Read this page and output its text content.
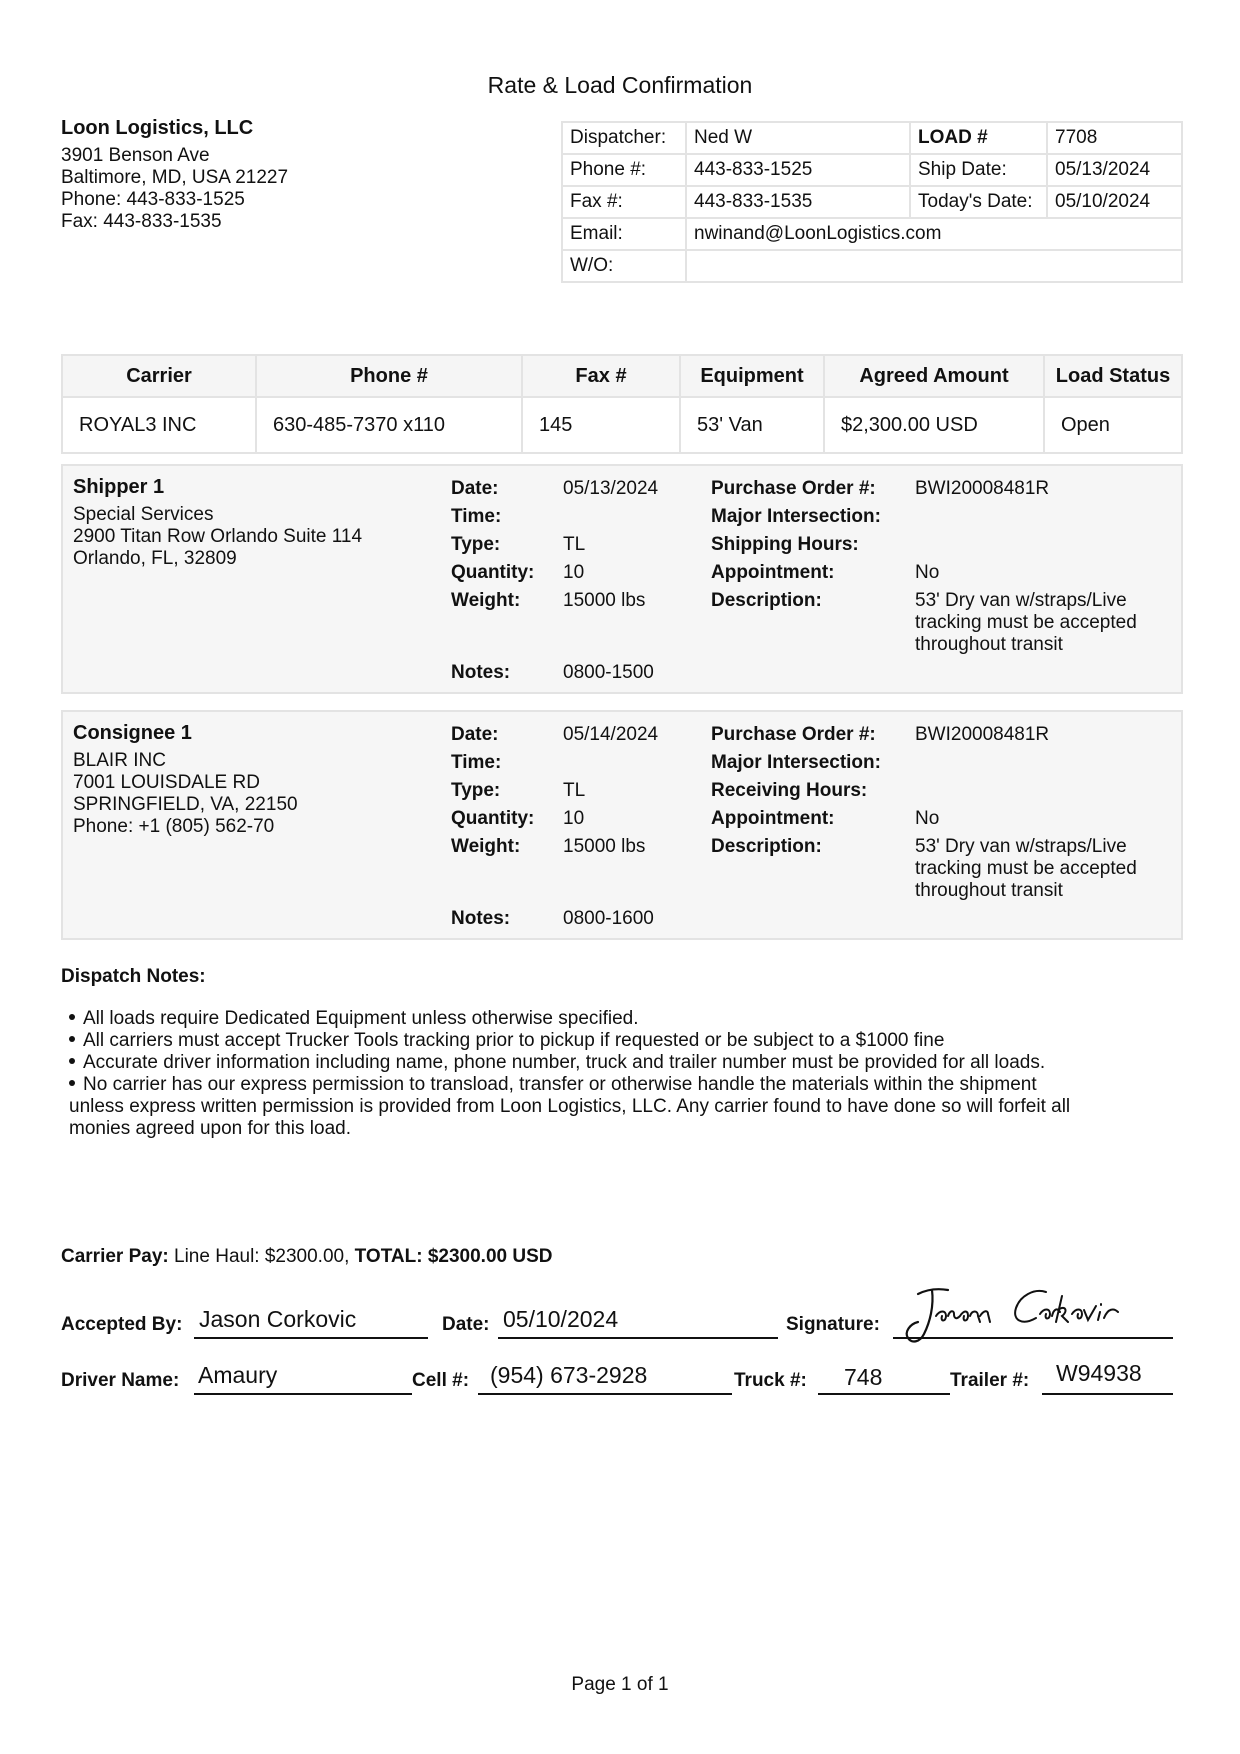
Rate & Load Confirmation
Loon Logistics, LLC
3901 Benson Ave
Baltimore, MD, USA 21227
Phone: 443-833-1525
Fax: 443-833-1535
Dispatcher:	Ned W	LOAD #	7708
Phone #:	443-833-1525	Ship Date:	05/13/2024
Fax #:	443-833-1535	Today's Date:	05/10/2024
Email:	nwinand@LoonLogistics.com		
W/O:			
Carrier	Phone #	Fax #	Equipment	Agreed Amount	Load Status
ROYAL3 INC	630-485-7370 x110	145	53' Van	$2,300.00 USD	Open
Shipper 1
Special Services
2900 Titan Row Orlando Suite 114
Orlando, FL, 32809
Date:	05/13/2024
Time:
Type:	TL
Quantity: 10
Weight: 15000 lbs
Notes:	0800-1500
Purchase Order #: BWI20008481R
Major Intersection:
Shipping Hours:
Appointment:	No
Description:	53' Dry van w/straps/Live
tracking must be accepted
throughout transit
Consignee 1
BLAIR INC
7001 LOUISDALE RD
SPRINGFIELD, VA, 22150
Phone: +1 (805) 562-70
Date:	05/14/2024
Time:
Type:	TL
Quantity: 10
Weight: 15000 lbs
Notes:	0800-1600
Purchase Order #: BWI20008481R
Major Intersection:
Receiving Hours:
Appointment:	No
Description:	53' Dry van w/straps/Live
tracking must be accepted
throughout transit
Dispatch Notes:
All loads require Dedicated Equipment unless otherwise specified.
All carriers must accept Trucker Tools tracking prior to pickup if requested or be subject to a $1000 fine
Accurate driver information including name, phone number, truck and trailer number must be provided for all loads.
No carrier has our express permission to transload, transfer or otherwise handle the materials within the shipment
unless express written permission is provided from Loon Logistics, LLC. Any carrier found to have done so will forfeit all
monies agreed upon for this load.
Carrier Pay: Line Haul: $2300.00, TOTAL: $2300.00 USD
Accepted By: Jason Corkovic	Date: 05/10/2024	Signature:
Driver Name: Amaury	Cell #: (954) 673-2928	Truck #: 748	Trailer #: W94938
Page 1 of 1
